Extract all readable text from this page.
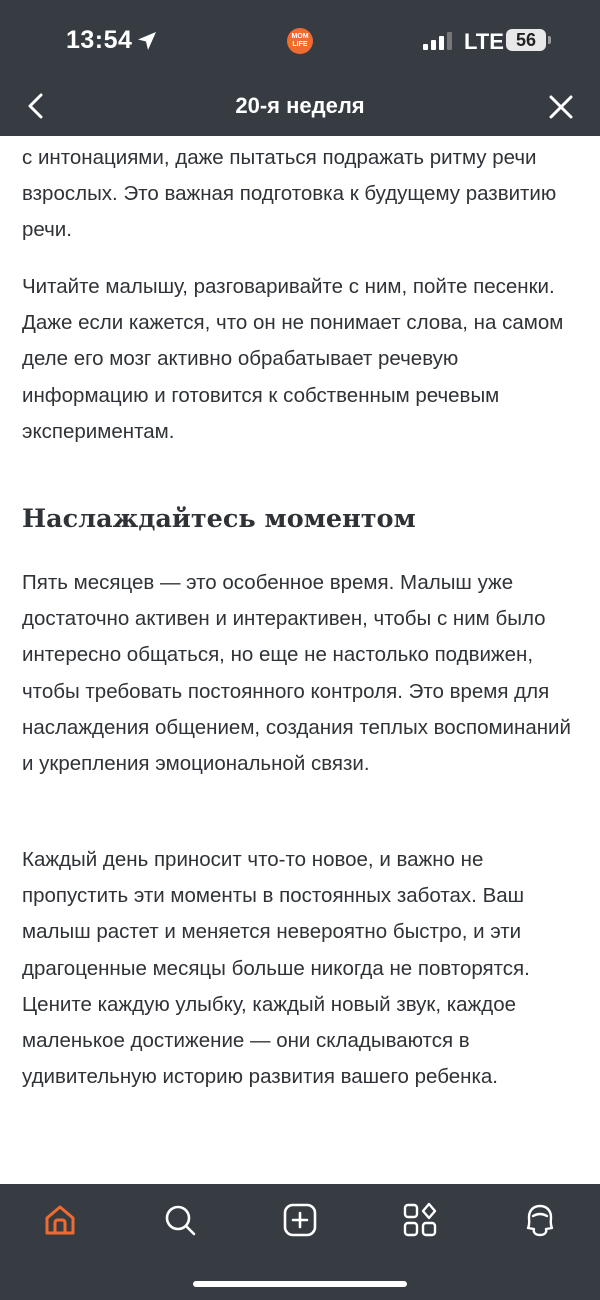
13:54	MOM
LIFE	LTE 56
20-я неделя

с интонациями, даже пытаться подражать ритму речи взрослых. Это важная подготовка к будущему развитию речи.

Читайте малышу, разговаривайте с ним, пойте песенки. Даже если кажется, что он не понимает слова, на самом деле его мозг активно обрабатывает речевую информацию и готовится к собственным речевым экспериментам.

Наслаждайтесь моментом

Пять месяцев — это особенное время. Малыш уже достаточно активен и интерактивен, чтобы с ним было интересно общаться, но еще не настолько подвижен, чтобы требовать постоянного контроля. Это время для наслаждения общением, создания теплых воспоминаний и укрепления эмоциональной связи.

Каждый день приносит что-то новое, и важно не пропустить эти моменты в постоянных заботах. Ваш малыш растет и меняется невероятно быстро, и эти драгоценные месяцы больше никогда не повторятся. Цените каждую улыбку, каждый новый звук, каждое маленькое достижение — они складываются в удивительную историю развития вашего ребенка.
